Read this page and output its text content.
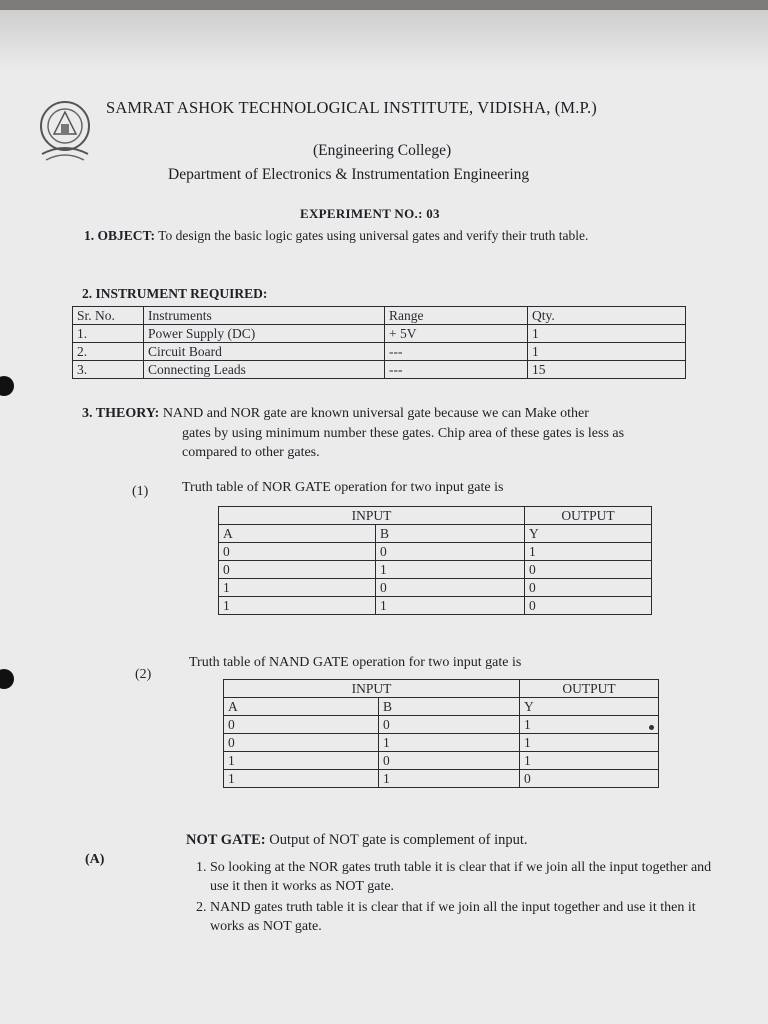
SAMRAT ASHOK TECHNOLOGICAL INSTITUTE, VIDISHA, (M.P.)
(Engineering College)
Department of Electronics & Instrumentation Engineering
EXPERIMENT NO.: 03
1. OBJECT: To design the basic logic gates using universal gates and verify their truth table.
2. INSTRUMENT REQUIRED:
Sr. No.	Instruments	Range	Qty.
1.	Power Supply (DC)	+ 5V	1
2.	Circuit Board	---	1
3.	Connecting Leads	---	15
3. THEORY: NAND and NOR gate are known universal gate because we can Make other
gates by using minimum number these gates. Chip area of these gates is less as
compared to other gates.
(1) Truth table of NOR GATE operation for two input gate is
INPUT		OUTPUT
A	B	Y
0	0	1
0	1	0
1	0	0
1	1	0
(2)
Truth table of NAND GATE operation for two input gate is
INPUT		OUTPUT
A	B	Y
0	0	1
0	1	1
1	0	1
1	1	0
(A)
NOT GATE: Output of NOT gate is complement of input.
1. So looking at the NOR gates truth table it is clear that if we join all the input together and use it then it works as NOT gate.
2. NAND gates truth table it is clear that if we join all the input together and use it then it works as NOT gate.
